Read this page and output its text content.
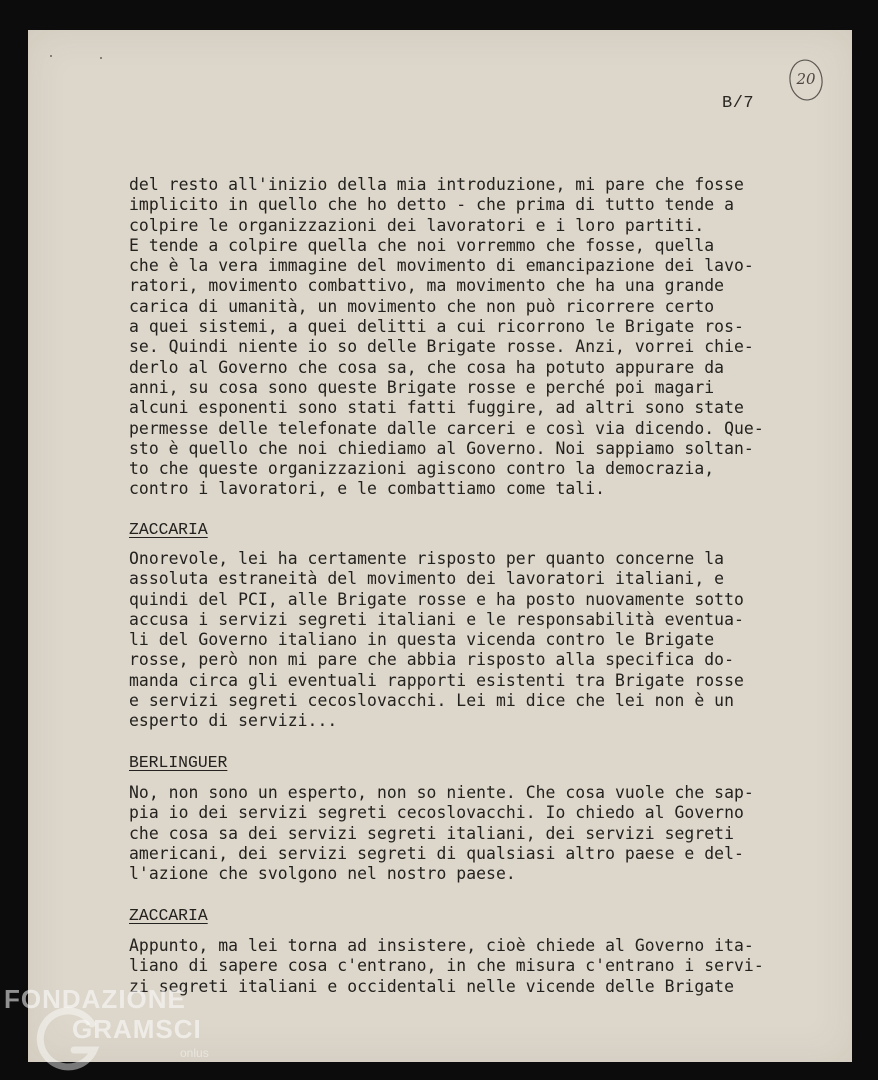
20
B/7
del resto all'inizio della mia introduzione, mi pare che fosse
implicito in quello che ho detto - che prima di tutto tende a
colpire le organizzazioni dei lavoratori e i loro partiti.
E tende a colpire quella che noi vorremmo che fosse, quella
che è la vera immagine del movimento di emancipazione dei lavo-
ratori, movimento combattivo, ma movimento che ha una grande
carica di umanità, un movimento che non può ricorrere certo
a quei sistemi, a quei delitti a cui ricorrono le Brigate ros-
se. Quindi niente io so delle Brigate rosse. Anzi, vorrei chie-
derlo al Governo che cosa sa, che cosa ha potuto appurare da
anni, su cosa sono queste Brigate rosse e perché poi magari
alcuni esponenti sono stati fatti fuggire, ad altri sono state
permesse delle telefonate dalle carceri e così via dicendo. Que-
sto è quello che noi chiediamo al Governo. Noi sappiamo soltan-
to che queste organizzazioni agiscono contro la democrazia,
contro i lavoratori, e le combattiamo come tali.
ZACCARIA
Onorevole, lei ha certamente risposto per quanto concerne la
assoluta estraneità del movimento dei lavoratori italiani, e
quindi del PCI, alle Brigate rosse e ha posto nuovamente sotto
accusa i servizi segreti italiani e le responsabilità eventua-
li del Governo italiano in questa vicenda contro le Brigate
rosse, però non mi pare che abbia risposto alla specifica do-
manda circa gli eventuali rapporti esistenti tra Brigate rosse
e servizi segreti cecoslovacchi. Lei mi dice che lei non è un
esperto di servizi...
BERLINGUER
No, non sono un esperto, non so niente. Che cosa vuole che sap-
pia io dei servizi segreti cecoslovacchi. Io chiedo al Governo
che cosa sa dei servizi segreti italiani, dei servizi segreti
americani, dei servizi segreti di qualsiasi altro paese e del-
l'azione che svolgono nel nostro paese.
ZACCARIA
Appunto, ma lei torna ad insistere, cioè chiede al Governo ita-
liano di sapere cosa c'entrano, in che misura c'entrano i servi-
zi segreti italiani e occidentali nelle vicende delle Brigate
FONDAZIONE
GRAMSCI
onlus
